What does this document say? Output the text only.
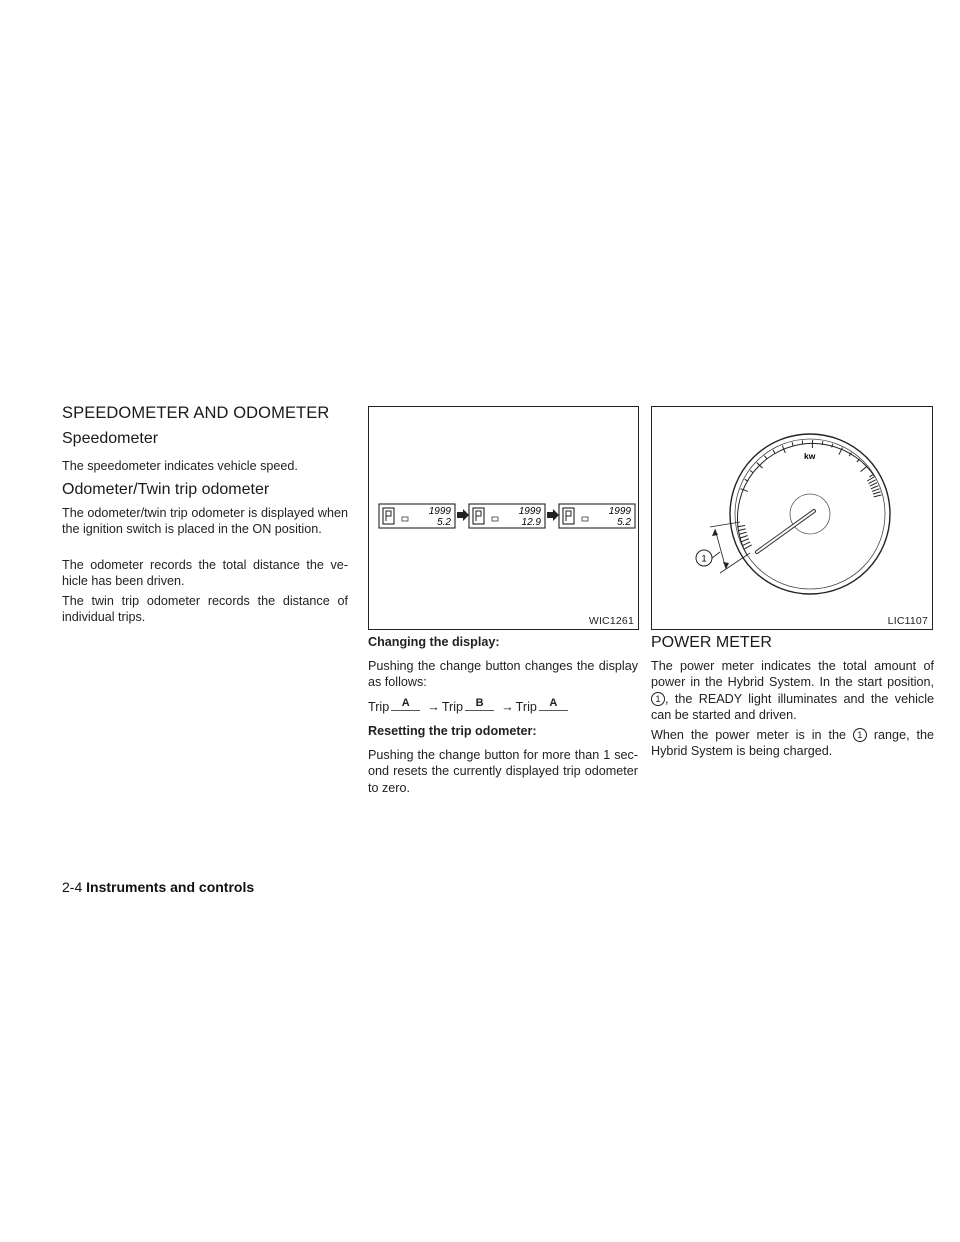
SPEEDOMETER AND ODOMETER
Speedometer

The speedometer indicates vehicle speed.

Odometer/Twin trip odometer

The odometer/twin trip odometer is displayed when the ignition switch is placed in the ON position.

The odometer records the total distance the ve-hicle has been driven.

The twin trip odometer records the distance of individual trips.

1999
5.2
1999
12.9
1999
5.2
WIC1261

Changing the display:

Pushing the change button changes the display as follows:

Trip	A	→ Trip	B	→ Trip	A

Resetting the trip odometer:

Pushing the change button for more than 1 sec-ond resets the currently displayed trip odometer to zero.

kw
1
LIC1107
POWER METER

The power meter indicates the total amount of power in the Hybrid System. In the start position, 1 , the READY light illuminates and the vehicle can be started and driven.

When the power meter is in the 1 range, the Hybrid System is being charged.

2-4 Instruments and controls
